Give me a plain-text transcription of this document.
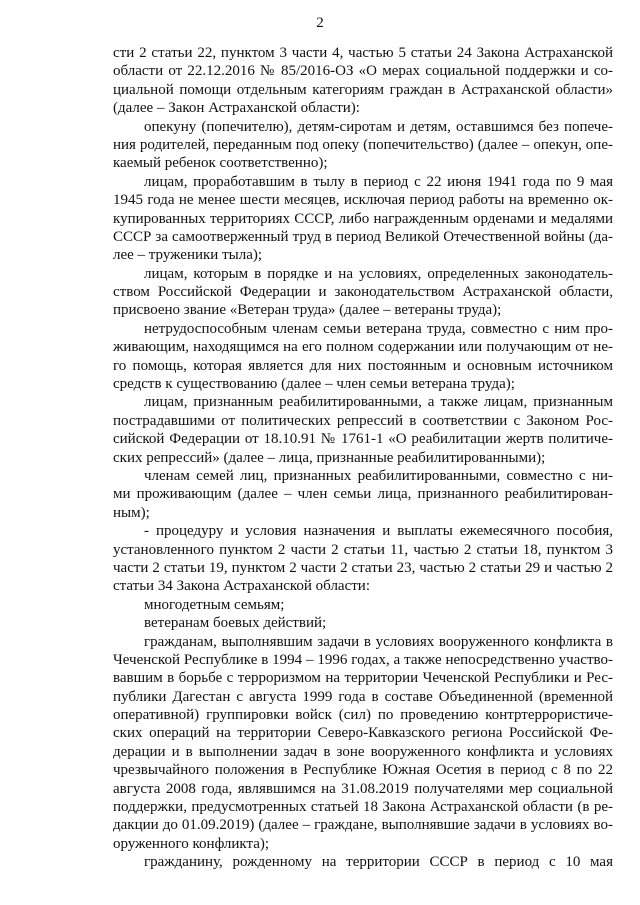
2
сти 2 статьи 22, пунктом 3 части 4, частью 5 статьи 24 Закона Астраханской
области от 22.12.2016 № 85/2016-ОЗ «О мерах социальной поддержки и со-
циальной помощи отдельным категориям граждан в Астраханской области»
(далее – Закон Астраханской области):
опекуну (попечителю), детям-сиротам и детям, оставшимся без попече-
ния родителей, переданным под опеку (попечительство) (далее – опекун, опе-
каемый ребенок соответственно);
лицам, проработавшим в тылу в период с 22 июня 1941 года по 9 мая
1945 года не менее шести месяцев, исключая период работы на временно ок-
купированных территориях СССР, либо награжденным орденами и медалями
СССР за самоотверженный труд в период Великой Отечественной войны (да-
лее – труженики тыла);
лицам, которым в порядке и на условиях, определенных законодатель-
ством Российской Федерации и законодательством Астраханской области,
присвоено звание «Ветеран труда» (далее – ветераны труда);
нетрудоспособным членам семьи ветерана труда, совместно с ним про-
живающим, находящимся на его полном содержании или получающим от не-
го помощь, которая является для них постоянным и основным источником
средств к существованию (далее – член семьи ветерана труда);
лицам, признанным реабилитированными, а также лицам, признанным
пострадавшими от политических репрессий в соответствии с Законом Рос-
сийской Федерации от 18.10.91 № 1761-1 «О реабилитации жертв политиче-
ских репрессий» (далее – лица, признанные реабилитированными);
членам семей лиц, признанных реабилитированными, совместно с ни-
ми проживающим (далее – член семьи лица, признанного реабилитирован-
ным);
- процедуру и условия назначения и выплаты ежемесячного пособия,
установленного пунктом 2 части 2 статьи 11, частью 2 статьи 18, пунктом 3
части 2 статьи 19, пунктом 2 части 2 статьи 23, частью 2 статьи 29 и частью 2
статьи 34 Закона Астраханской области:
многодетным семьям;
ветеранам боевых действий;
гражданам, выполнявшим задачи в условиях вооруженного конфликта в
Чеченской Республике в 1994 – 1996 годах, а также непосредственно участво-
вавшим в борьбе с терроризмом на территории Чеченской Республики и Рес-
публики Дагестан с августа 1999 года в составе Объединенной (временной
оперативной) группировки войск (сил) по проведению контртеррористиче-
ских операций на территории Северо-Кавказского региона Российской Фе-
дерации и в выполнении задач в зоне вооруженного конфликта и условиях
чрезвычайного положения в Республике Южная Осетия в период с 8 по 22
августа 2008 года, являвшимся на 31.08.2019 получателями мер социальной
поддержки, предусмотренных статьей 18 Закона Астраханской области (в ре-
дакции до 01.09.2019) (далее – граждане, выполнявшие задачи в условиях во-
оруженного конфликта);
гражданину, рожденному на территории СССР в период с 10 мая
